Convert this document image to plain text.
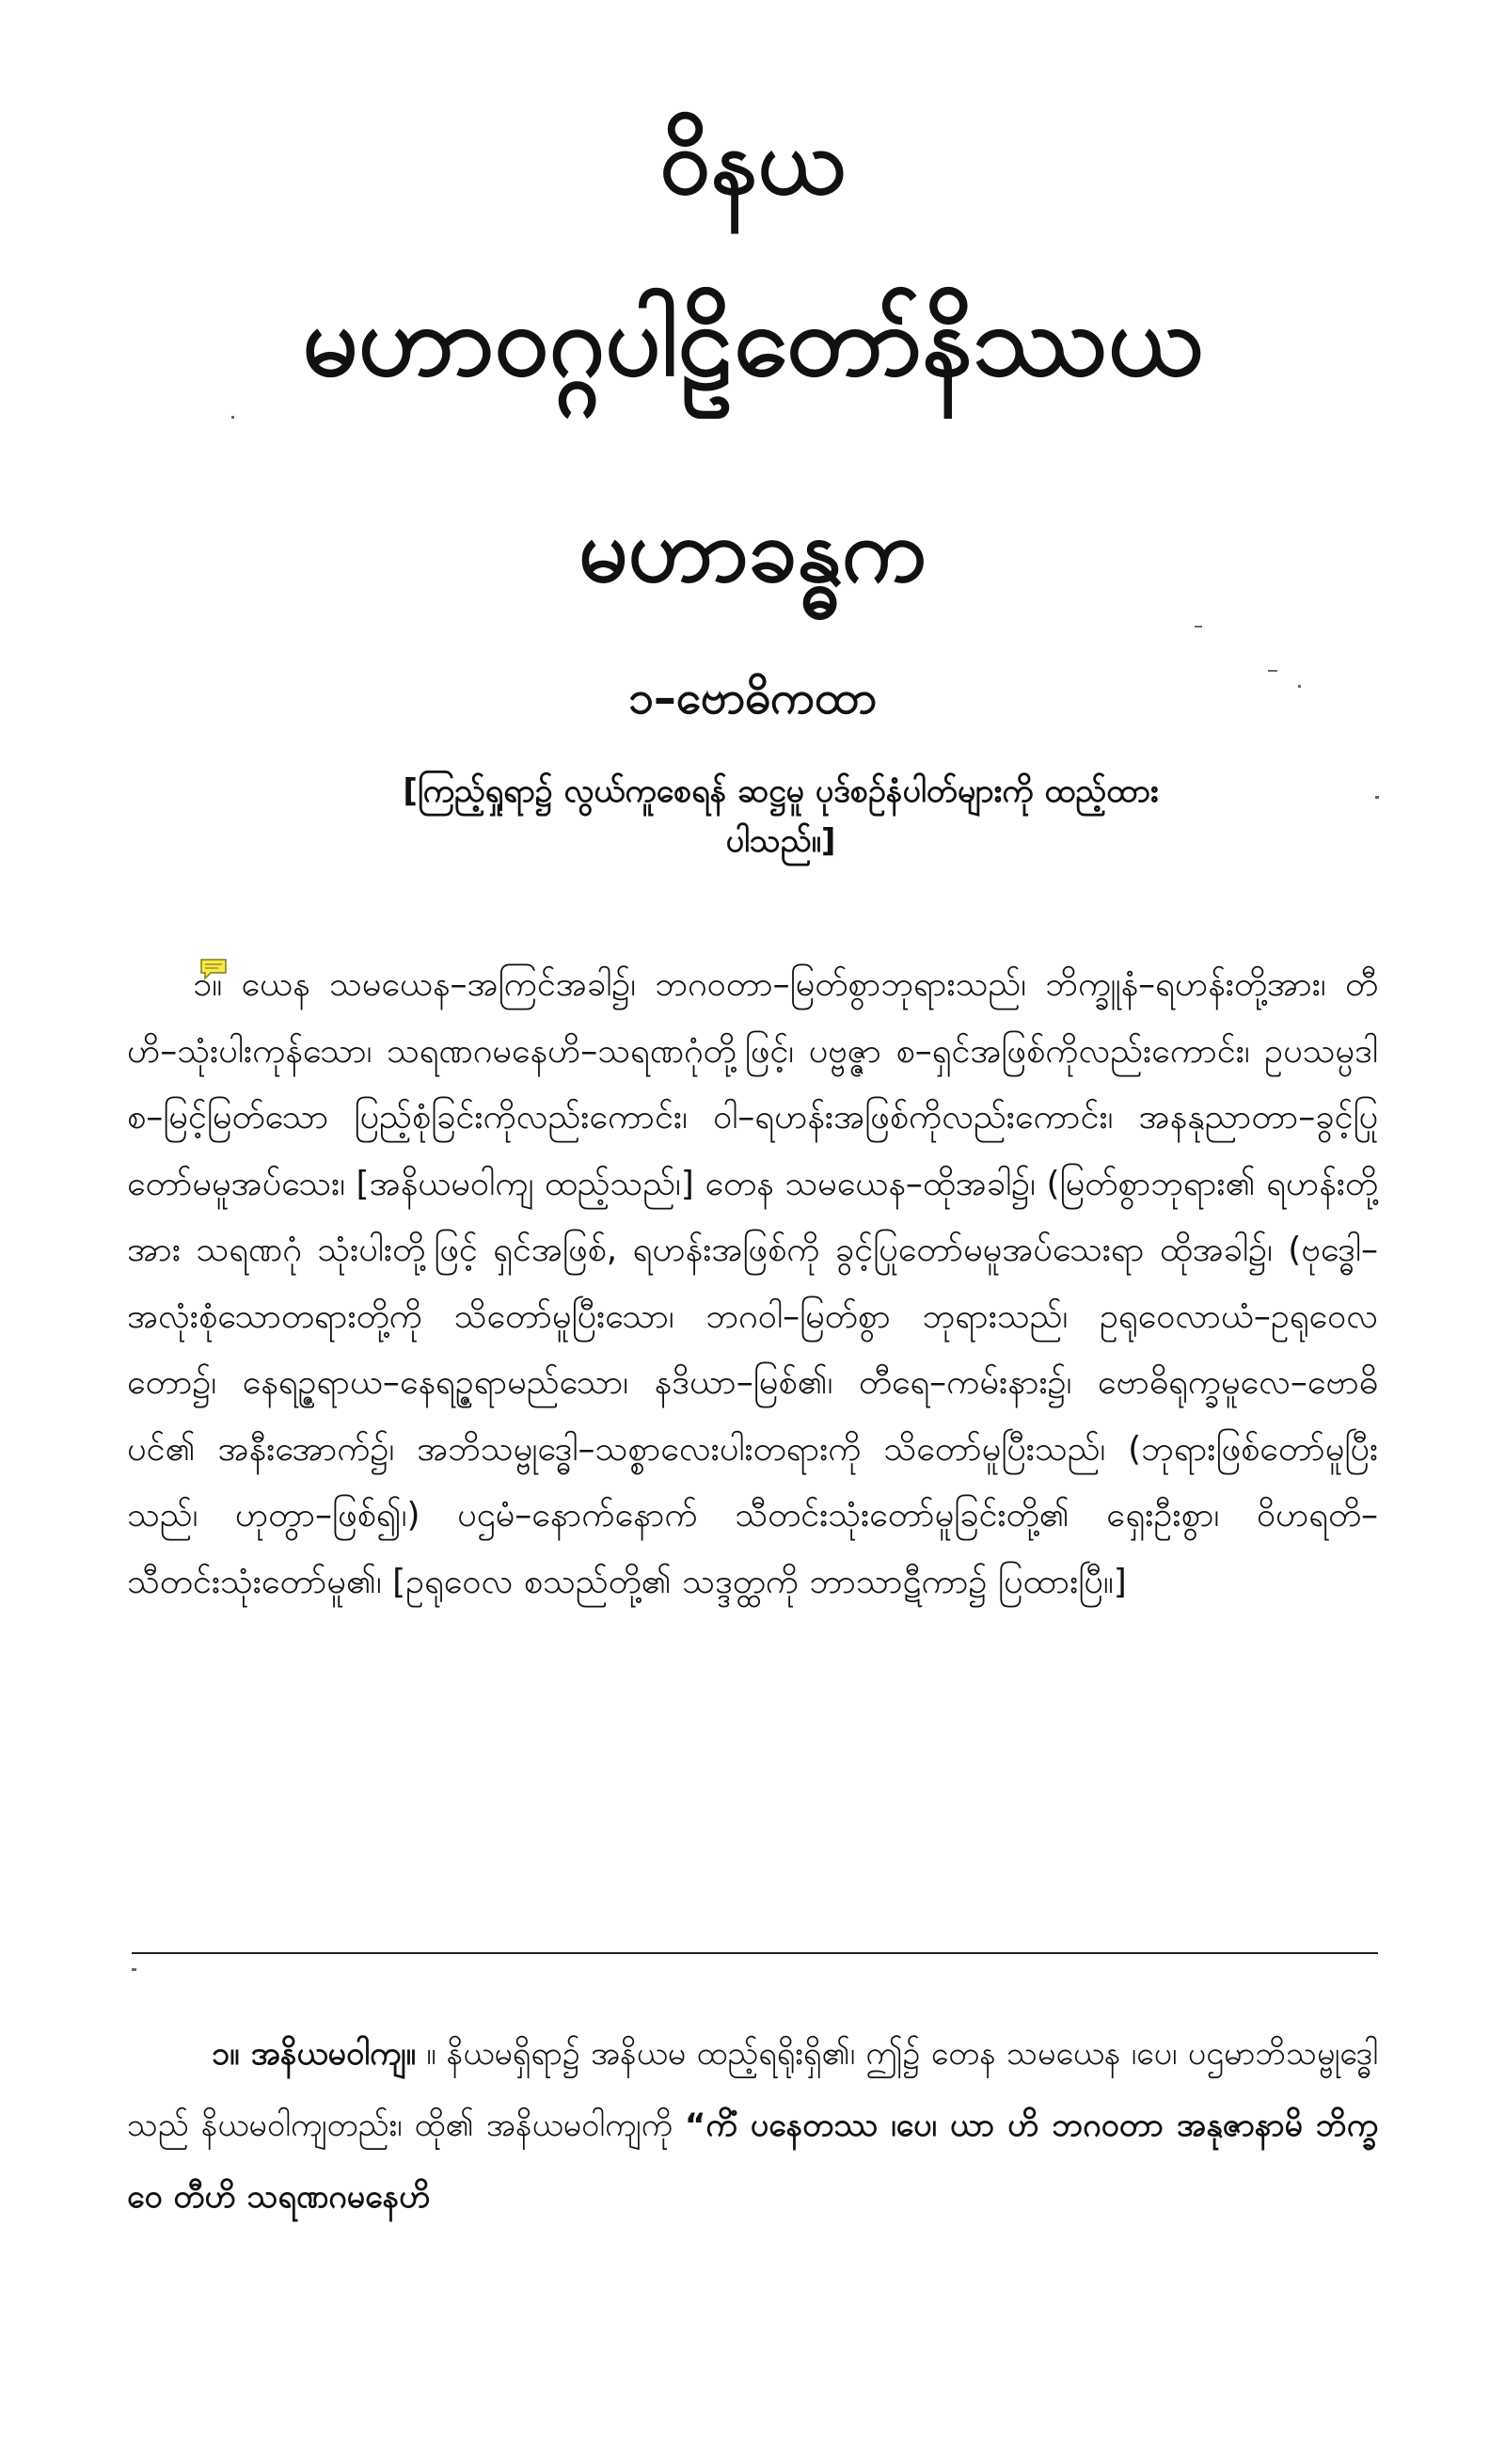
ဝိနယ
မဟာဝဂ္ဂပါဠိတော်နိဿယ
မဟာခန္ဓက
၁–ဗောဓိကထာ
[ကြည့်ရှုရာ၌ လွယ်ကူစေရန် ဆဋ္ဌမူ ပုဒ်စဉ်နံပါတ်များကို ထည့်ထားပါသည်။]

၁။ ယေန သမယေန–အကြင်အခါ၌၊ ဘဂဝတာ–မြတ်စွာဘုရားသည်၊ ဘိက္ခူနံ–ရဟန်းတို့အား၊ တီဟိ–သုံးပါးကုန်သော၊ သရဏဂမနေဟိ–သရဏဂုံတို့ဖြင့်၊ ပဗ္ဗဇ္ဇာ စ–ရှင်အဖြစ်ကိုလည်းကောင်း၊ ဥပသမ္ပဒါ စ–မြင့်မြတ်သော ပြည့်စုံခြင်းကိုလည်းကောင်း၊ ဝါ–ရဟန်းအဖြစ်ကိုလည်းကောင်း၊ အနနုညာတာ–ခွင့်ပြုတော်မမူအပ်သေး၊ [အနိယမဝါကျ ထည့်သည်၊] တေန သမယေန–ထိုအခါ၌၊ (မြတ်စွာဘုရား၏ ရဟန်းတို့အား သရဏဂုံ သုံးပါးတို့ဖြင့် ရှင်အဖြစ်, ရဟန်းအဖြစ်ကို ခွင့်ပြုတော်မမူအပ်သေးရာ ထိုအခါ၌၊ (ဗုဒ္ဓေါ–အလုံးစုံသောတရားတို့ကို သိတော်မူပြီးသော၊ ဘဂဝါ–မြတ်စွာ ဘုရားသည်၊ ဥရုဝေလာယံ–ဥရုဝေလတော၌၊ နေရဉ္ဇရာယ–နေရဉ္ဇရာမည်သော၊ နဒိယာ–မြစ်၏၊ တီရေ–ကမ်းနား၌၊ ဗောဓိရုက္ခမူလေ–ဗောဓိပင်၏ အနီးအောက်၌၊ အဘိသမ္ဗုဒ္ဓေါ–သစ္စာလေးပါးတရားကို သိတော်မူပြီးသည်၊ (ဘုရားဖြစ်တော်မူပြီး သည်၊ ဟုတွာ–ဖြစ်၍၊) ပဌမံ–နောက်နောက် သီတင်းသုံးတော်မူခြင်းတို့၏ ရှေးဦးစွာ၊ ဝိဟရတိ–သီတင်းသုံးတော်မူ၏၊ [ဥရုဝေလ စသည်တို့၏ သဒ္ဒတ္ထကို ဘာသာဋီကာ၌ ပြထားပြီ။]

၁။ အနိယမဝါကျ။ ။ နိယမရှိရာ၌ အနိယမ ထည့်ရရိုးရှိ၏၊ ဤ၌ တေန သမယေန ၊ပေ၊ ပဌမာဘိသမ္ဗုဒ္ဓေါသည် နိယမဝါကျတည်း၊ ထို၏ အနိယမဝါကျကို “ကိံ ပနေတဿ ၊ပေ၊ ယာ ဟိ ဘဂဝတာ အနုဇာနာမိ ဘိက္ခဝေ တီဟိ သရဏဂမနေဟိ
